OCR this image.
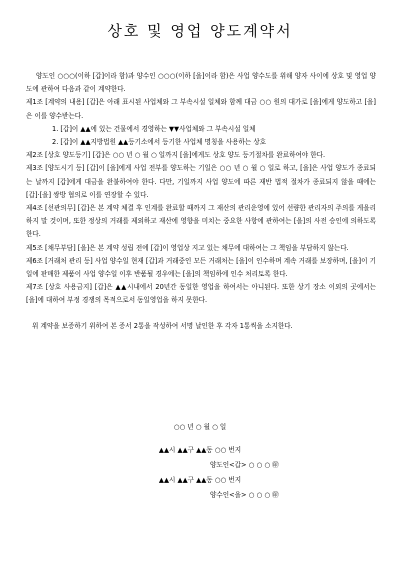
상호 및 영업 양도계약서

양도인 ○○○(이하 [갑]이라 함)과 양수인 ○○○(이하 [을]이라 함)은 사업 양수도를 위해 양자 사이에 상호 및 영업 양도에 관하여 다음과 같이 계약한다.

제1조 [계약의 내용] [갑]은 아래 표시된 사업체와 그 부속시설 일체와 함께 대금 ○○ 원의 대가로 [을]에게 양도하고 [을]은 이를 양수받는다.

1. [갑]이 ▲▲에 있는 건물에서 경영하는 ▼▼사업체와 그 부속시설 일체

2. [갑]이 ▲▲지방법원 ▲▲등기소에서 등기한 사업체 명칭을 사용하는 상호

제2조 [상호 양도등기] [갑]은 ○○ 년 ○ 월 ○ 일까지 [을]에게도 상호 양도 등기절차를 완료하여야 한다.

제3조 [양도시기 등] [갑]이 [을]에게 사업 전부를 양도하는 기일은 ○○ 년 ○ 월 ○ 일로 하고, [을]은 사업 양도가 종료되는 날까지 [갑]에게 대금을 완불하여야 한다. 다만, 기일까지 사업 양도에 따른 재반 법적 절차가 종료되지 않을 때에는 [갑]·[을] 쌍방 협의로 이를 연장할 수 있다.

제4조 [선관의무] [갑]은 본 계약 체결 후 인계를 완료할 때까지 그 재산의 관리운영에 있어 선량한 관리자의 주의를 게을리 하지 말 것이며, 또한 정상의 거래를 제외하고 재산에 영향을 미치는 중요한 사항에 관하여는 [을]의 사전 승인에 의하도록 한다.

제5조 [채무부담] [을]은 본 계약 성립 전에 [갑]이 영업상 지고 있는 채무에 대하여는 그 책임을 부담하지 않는다.

제6조 [거래처 관리 등] 사업 양수일 현재 [갑]과 거래중인 모든 거래처는 [을]이 인수하며 계속 거래를 보장하며, [을]이 기일에 판매한 제품이 사업 양수일 이후 반품될 경우에는 [을]의 책임하에 인수 처리토록 한다.

제7조 [상호 사용금지] [갑]은 ▲▲시내에서 20년간 동일한 영업을 하여서는 아니된다. 또한 상기 장소 이외의 곳에서는 [을]에 대하여 부정 경쟁의 목적으로서 동일영업을 하지 못한다.

위 계약을 보증하기 위하여 본 증서 2통을 작성하여 서명 날인한 후 각자 1통씩을 소지한다.

○○ 년 ○ 월 ○ 일
▲▲시 ▲▲구 ▲▲동 ○○ 번지
양도인<갑> ○ ○ ○ ㊞
▲▲시 ▲▲구 ▲▲동 ○○ 번지
양수인<을> ○ ○ ○ ㊞
